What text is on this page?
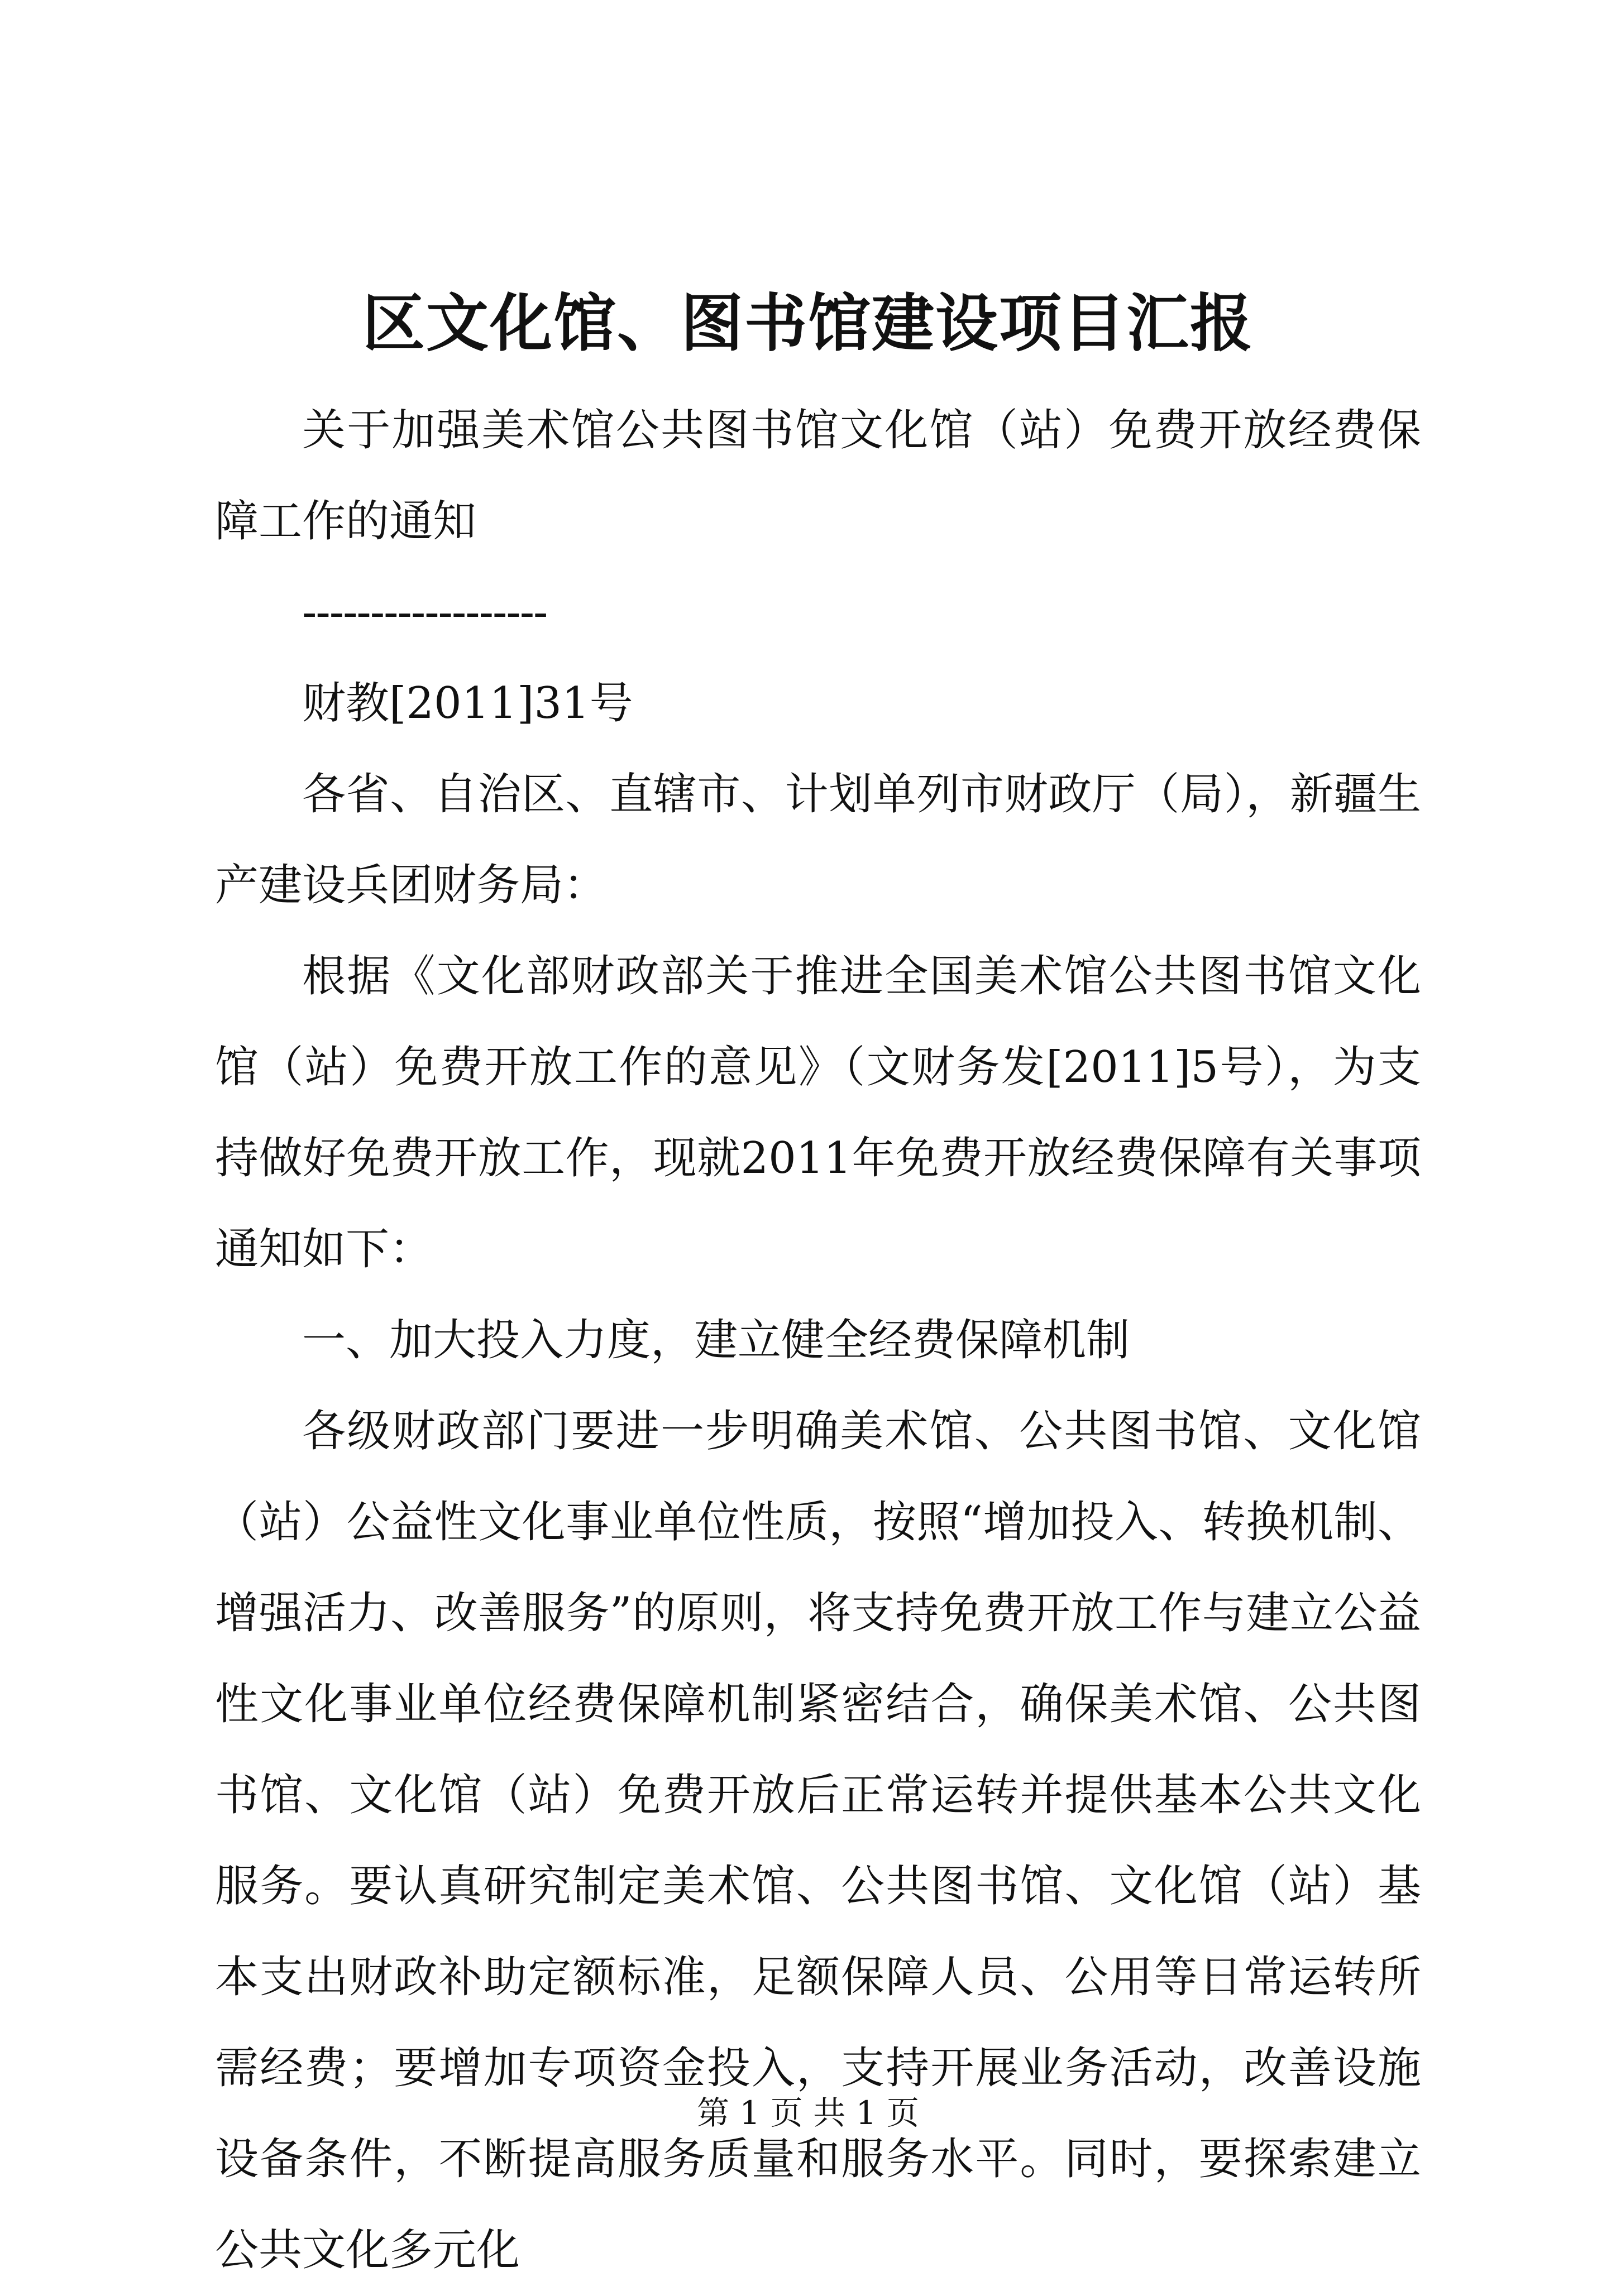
区文化馆、图书馆建设项目汇报

关于加强美术馆公共图书馆文化馆（站）免费开放经费保障工作的通知

------------------

财教[2011]31号

各省、自治区、直辖市、计划单列市财政厅（局），新疆生产建设兵团财务局：

根据《文化部财政部关于推进全国美术馆公共图书馆文化馆（站）免费开放工作的意见》（文财务发[2011]5号），为支持做好免费开放工作，现就2011年免费开放经费保障有关事项通知如下：

一、加大投入力度，建立健全经费保障机制

各级财政部门要进一步明确美术馆、公共图书馆、文化馆（站）公益性文化事业单位性质，按照“增加投入、转换机制、增强活力、改善服务”的原则，将支持免费开放工作与建立公益性文化事业单位经费保障机制紧密结合，确保美术馆、公共图书馆、文化馆（站）免费开放后正常运转并提供基本公共文化服务。要认真研究制定美术馆、公共图书馆、文化馆（站）基本支出财政补助定额标准，足额保障人员、公用等日常运转所需经费；要增加专项资金投入，支持开展业务活动，改善设施设备条件，不断提高服务质量和服务水平。同时，要探索建立公共文化多元化

第 1 页 共 1 页
